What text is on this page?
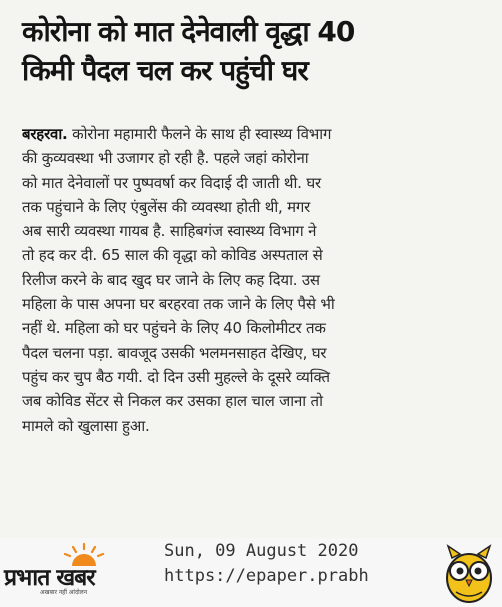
कोरोना को मात देनेवाली वृद्धा 40
किमी पैदल चल कर पहुंची घर
बरहरवा. कोरोना महामारी फैलने के साथ ही स्वास्थ्य विभाग
की कुव्यवस्था भी उजागर हो रही है. पहले जहां कोरोना
को मात देनेवालों पर पुष्पवर्षा कर विदाई दी जाती थी. घर
तक पहुंचाने के लिए एंबुलेंस की व्यवस्था होती थी, मगर
अब सारी व्यवस्था गायब है. साहिबगंज स्वास्थ्य विभाग ने
तो हद कर दी. 65 साल की वृद्धा को कोविड अस्पताल से
रिलीज करने के बाद खुद घर जाने के लिए कह दिया. उस
महिला के पास अपना घर बरहरवा तक जाने के लिए पैसे भी
नहीं थे. महिला को घर पहुंचने के लिए 40 किलोमीटर तक
पैदल चलना पड़ा. बावजूद उसकी भलमनसाहत देखिए, घर
पहुंच कर चुप बैठ गयी. दो दिन उसी मुहल्ले के दूसरे व्यक्ति
जब कोविड सेंटर से निकल कर उसका हाल चाल जाना तो
मामले को खुलासा हुआ.
प्रभात खबर
अखबार नहीं आंदोलन
Sun, 09 August 2020
https://epaper.prabh
